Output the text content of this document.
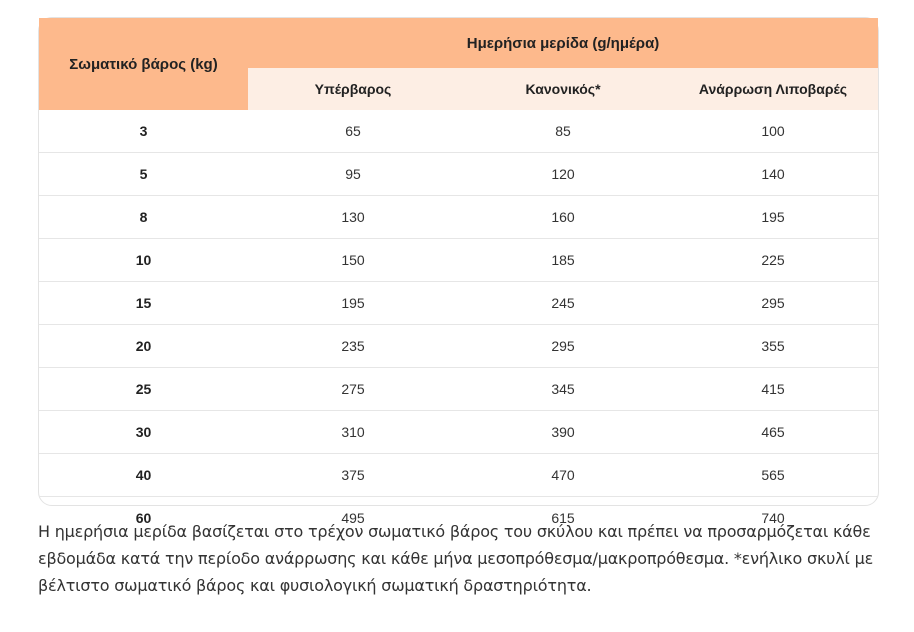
Σωματικό βάρος (kg)	Ημερήσια μερίδα (g/ημέρα)		
	Υπέρβαρος	Κανονικός*	Ανάρρωση Λιποβαρές
3	65	85	100
5	95	120	140
8	130	160	195
10	150	185	225
15	195	245	295
20	235	295	355
25	275	345	415
30	310	390	465
40	375	470	565
60	495	615	740
Η ημερήσια μερίδα βασίζεται στο τρέχον σωματικό βάρος του σκύλου και πρέπει να προσαρμόζεται κάθε εβδομάδα κατά την περίοδο ανάρρωσης και κάθε μήνα μεσοπρόθεσμα/μακροπρόθεσμα. *ενήλικο σκυλί με βέλτιστο σωματικό βάρος και φυσιολογική σωματική δραστηριότητα.
